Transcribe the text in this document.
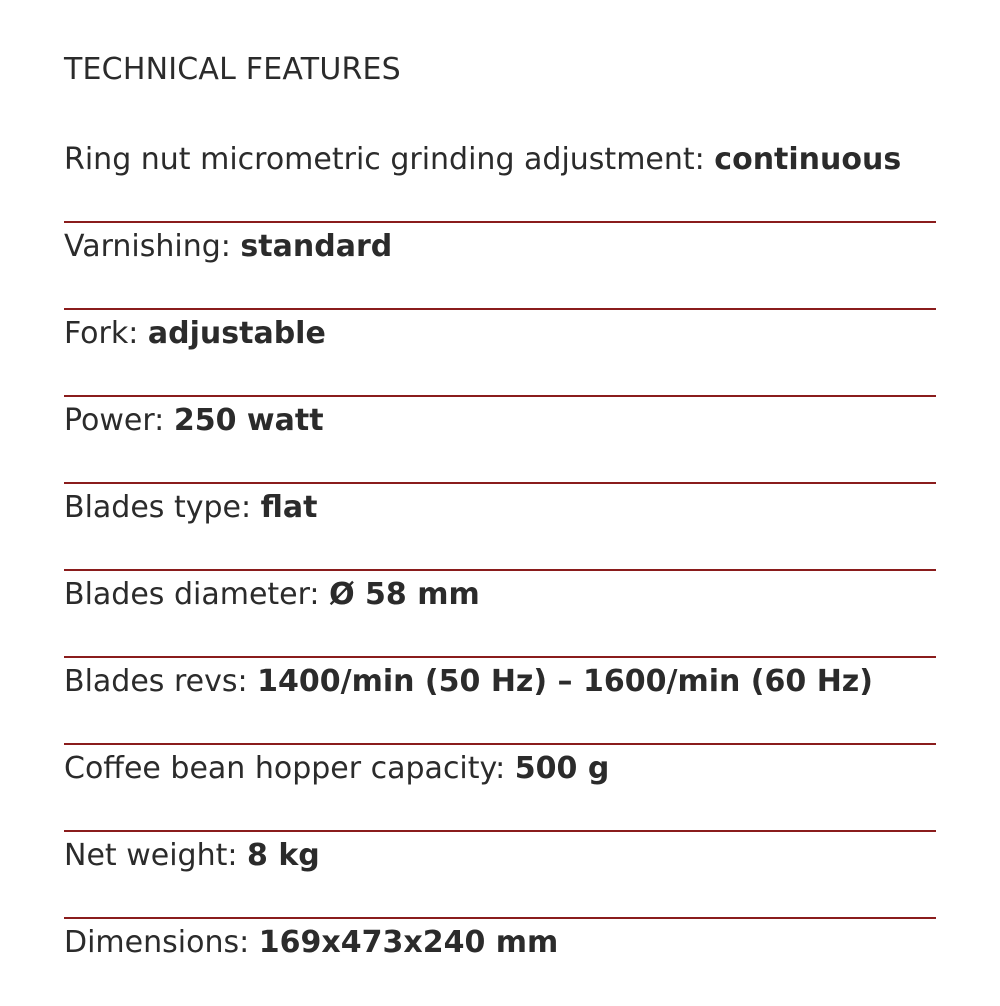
TECHNICAL FEATURES
Ring nut micrometric grinding adjustment: continuous
Varnishing: standard
Fork: adjustable
Power: 250 watt
Blades type: flat
Blades diameter: Ø 58 mm
Blades revs: 1400/min (50 Hz) – 1600/min (60 Hz)
Coffee bean hopper capacity: 500 g
Net weight: 8 kg
Dimensions: 169x473x240 mm
